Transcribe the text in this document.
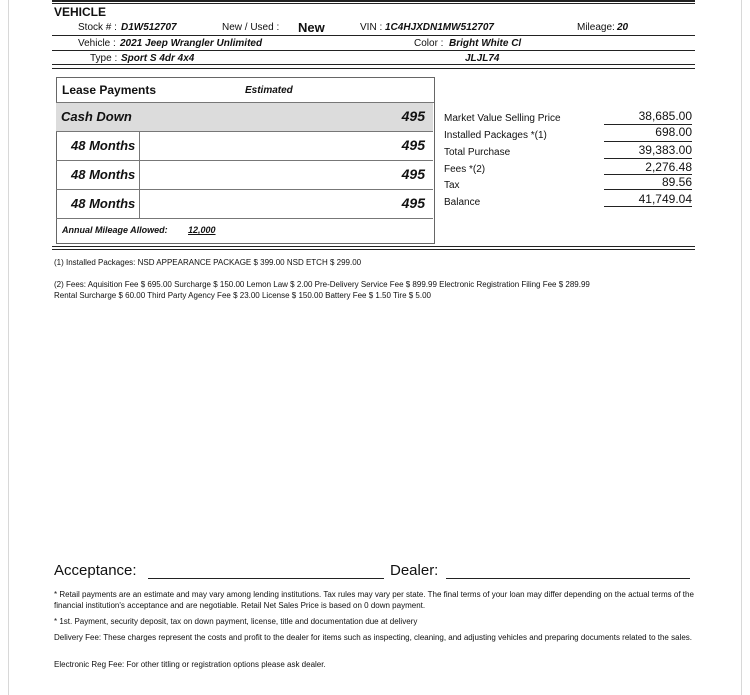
VEHICLE
Stock # : D1W512707	New / Used : New	VIN : 1C4HJXDN1MW512707	Mileage: 20
Vehicle : 2021 Jeep Wrangler Unlimited	Color : Bright White Cl
Type : Sport S 4dr 4x4	JLJL74
Lease Payments	Estimated
Cash Down	495
48 Months	495
48 Months	495
48 Months	495
Annual Mileage Allowed: 12,000
Market Value Selling Price	38,685.00
Installed Packages *(1)	698.00
Total Purchase	39,383.00
Fees *(2)	2,276.48
Tax	89.56
Balance	41,749.04
(1) Installed Packages: NSD APPEARANCE PACKAGE $ 399.00 NSD ETCH $ 299.00
(2) Fees: Aquisition Fee $ 695.00 Surcharge $ 150.00 Lemon Law $ 2.00 Pre-Delivery Service Fee $ 899.99 Electronic Registration Filing Fee $ 289.99
Rental Surcharge $ 60.00 Third Party Agency Fee $ 23.00 License $ 150.00 Battery Fee $ 1.50 Tire $ 5.00
Acceptance:	Dealer:
* Retail payments are an estimate and may vary among lending institutions. Tax rules may vary per state. The final terms of your loan may differ depending on the actual terms of the financial institution's acceptance and are negotiable. Retail Net Sales Price is based on 0 down payment.
* 1st. Payment, security deposit, tax on down payment, license, title and documentation due at delivery
Delivery Fee: These charges represent the costs and profit to the dealer for items such as inspecting, cleaning, and adjusting vehicles and preparing documents related to the sales.
Electronic Reg Fee: For other titling or registration options please ask dealer.
